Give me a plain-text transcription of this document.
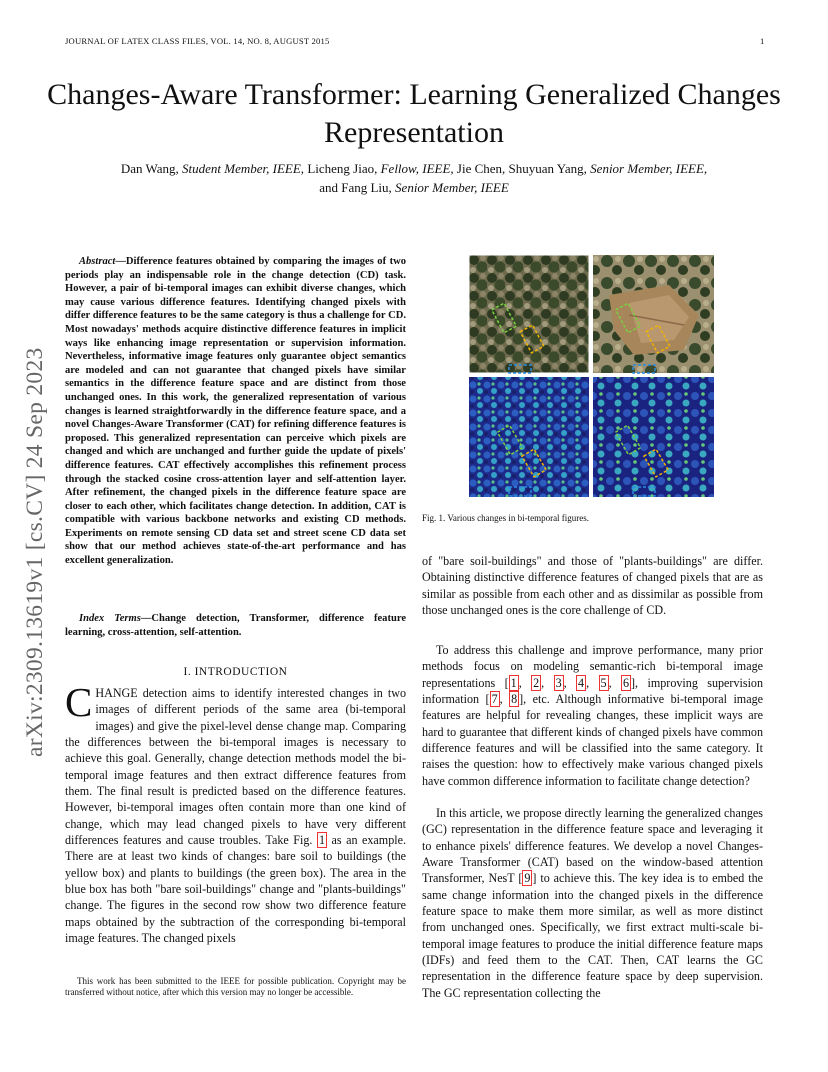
JOURNAL OF LATEX CLASS FILES, VOL. 14, NO. 8, AUGUST 2015	1
arXiv:2309.13619v1 [cs.CV] 24 Sep 2023
Changes-Aware Transformer: Learning Generalized Changes Representation
Dan Wang, Student Member, IEEE, Licheng Jiao, Fellow, IEEE, Jie Chen, Shuyuan Yang, Senior Member, IEEE,
and Fang Liu, Senior Member, IEEE
Abstract—Difference features obtained by comparing the images of two periods play an indispensable role in the change detection (CD) task. However, a pair of bi-temporal images can exhibit diverse changes, which may cause various difference features. Identifying changed pixels with differ difference features to be the same category is thus a challenge for CD. Most nowadays' methods acquire distinctive difference features in implicit ways like enhancing image representation or supervision information. Nevertheless, informative image features only guarantee object semantics are modeled and can not guarantee that changed pixels have similar semantics in the difference feature space and are distinct from those unchanged ones. In this work, the generalized representation of various changes is learned straightforwardly in the difference feature space, and a novel Changes-Aware Transformer (CAT) for refining difference features is proposed. This generalized representation can perceive which pixels are changed and which are unchanged and further guide the update of pixels' difference features. CAT effectively accomplishes this refinement process through the stacked cosine cross-attention layer and self-attention layer. After refinement, the changed pixels in the difference feature space are closer to each other, which facilitates change detection. In addition, CAT is compatible with various backbone networks and existing CD methods. Experiments on remote sensing CD data set and street scene CD data set show that our method achieves state-of-the-art performance and has excellent generalization.
Index Terms—Change detection, Transformer, difference feature learning, cross-attention, self-attention.
I. INTRODUCTION
CHANGE detection aims to identify interested changes in two images of different periods of the same area (bi-temporal images) and give the pixel-level dense change map. Comparing the differences between the bi-temporal images is necessary to achieve this goal. Generally, change detection methods model the bi-temporal image features and then extract difference features from them. The final result is predicted based on the difference features. However, bi-temporal images often contain more than one kind of change, which may lead changed pixels to have very different differences features and cause troubles. Take Fig. 1 as an example. There are at least two kinds of changes: bare soil to buildings (the yellow box) and plants to buildings (the green box). The area in the blue box has both "bare soil-buildings" change and "plants-buildings" change. The figures in the second row show two difference feature maps obtained by the subtraction of the corresponding bi-temporal image features. The changed pixels
This work has been submitted to the IEEE for possible publication. Copyright may be transferred without notice, after which this version may no longer be accessible.
Fig. 1. Various changes in bi-temporal figures.
of "bare soil-buildings" and those of "plants-buildings" are differ. Obtaining distinctive difference features of changed pixels that are as similar as possible from each other and as dissimilar as possible from those unchanged ones is the core challenge of CD.
To address this challenge and improve performance, many prior methods focus on modeling semantic-rich bi-temporal image representations [ 1 , 2 , 3 , 4 , 5 , 6 ], improving supervision information [ 7 , 8 ], etc. Although informative bi-temporal image features are helpful for revealing changes, these implicit ways are hard to guarantee that different kinds of changed pixels have common difference features and will be classified into the same category. It raises the question: how to effectively make various changed pixels have common difference information to facilitate change detection?
In this article, we propose directly learning the generalized changes (GC) representation in the difference feature space and leveraging it to enhance pixels' difference features. We develop a novel Changes-Aware Transformer (CAT) based on the window-based attention Transformer, NesT [ 9 ] to achieve this. The key idea is to embed the same change information into the changed pixels in the difference feature space to make them more similar, as well as more distinct from unchanged ones. Specifically, we first extract multi-scale bi-temporal image features to produce the initial difference feature maps (IDFs) and feed them to the CAT. Then, CAT learns the GC representation in the difference feature space by deep supervision. The GC representation collecting the
